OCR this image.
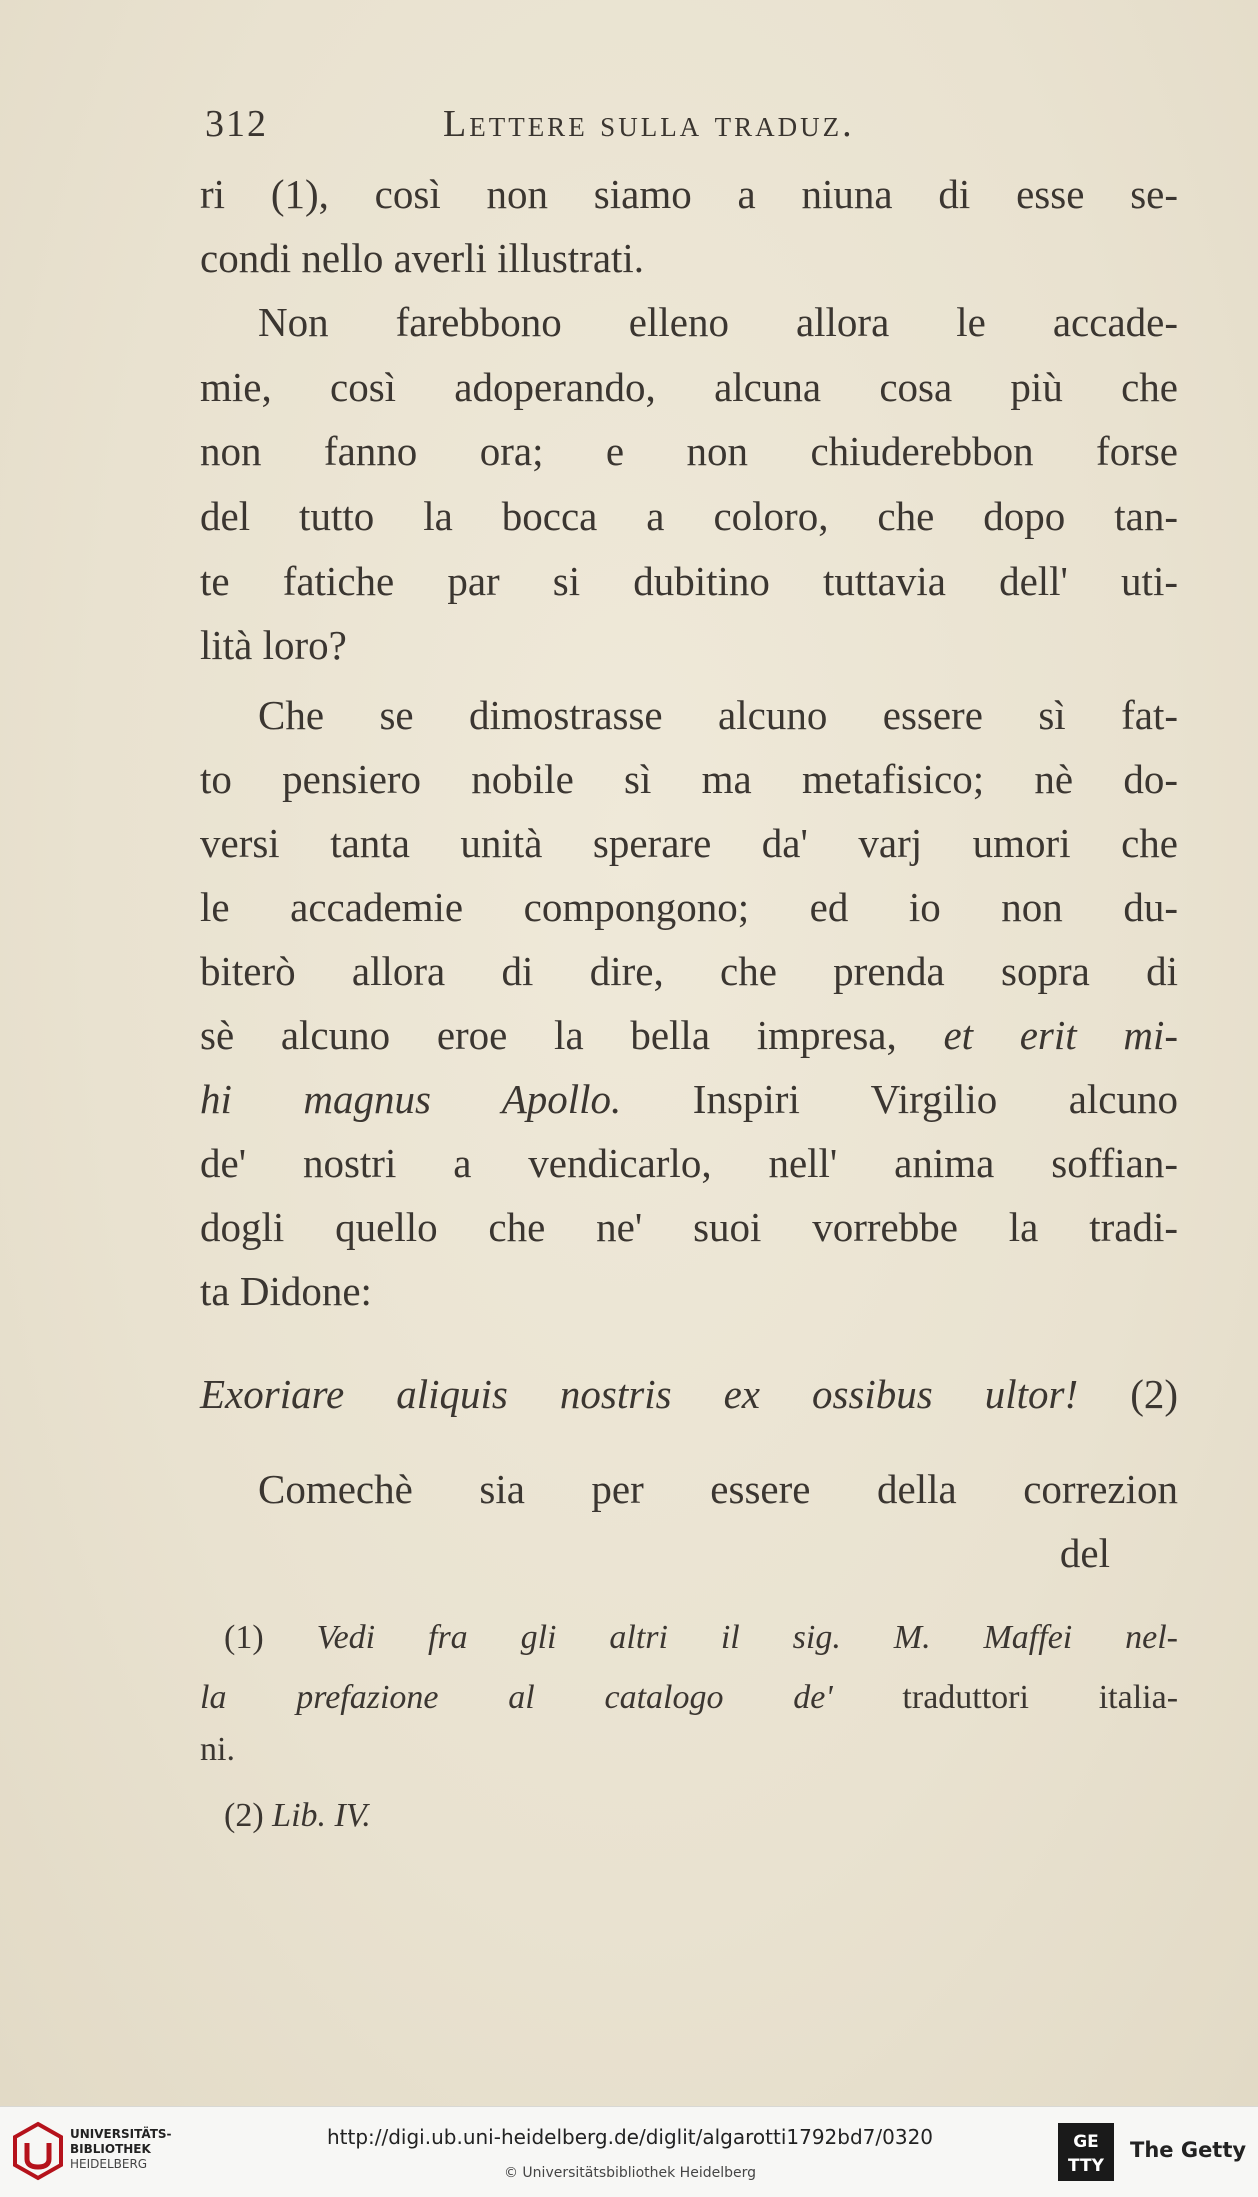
312	Lettere sulla traduz.
ri (1), così non siamo a niuna di esse se-
condi nello averli illustrati.
Non farebbono elleno allora le accade-
mie, così adoperando, alcuna cosa più che
non fanno ora; e non chiuderebbon forse
del tutto la bocca a coloro, che dopo tan-
te fatiche par si dubitino tuttavia dell' uti-
lità loro?
Che se dimostrasse alcuno essere sì fat-
to pensiero nobile sì ma metafisico; nè do-
versi tanta unità sperare da' varj umori che
le accademie compongono; ed io non du-
biterò allora di dire, che prenda sopra di
sè alcuno eroe la bella impresa, et erit mi-
hi magnus Apollo. Inspiri Virgilio alcuno
de' nostri a vendicarlo, nell' anima soffian-
dogli quello che ne' suoi vorrebbe la tradi-
ta Didone:
Exoriare aliquis nostris ex ossibus ultor! (2)
Comechè sia per essere della correzion
del
(1) Vedi fra gli altri il sig. M. Maffei nel-
la prefazione al catalogo de' traduttori italia-
ni.
(2) Lib. IV.
UNIVERSITÄTS-
BIBLIOTHEK
HEIDELBERG
http://digi.ub.uni-heidelberg.de/diglit/algarotti1792bd7/0320
© Universitätsbibliothek Heidelberg
GE
TTY
The Getty
